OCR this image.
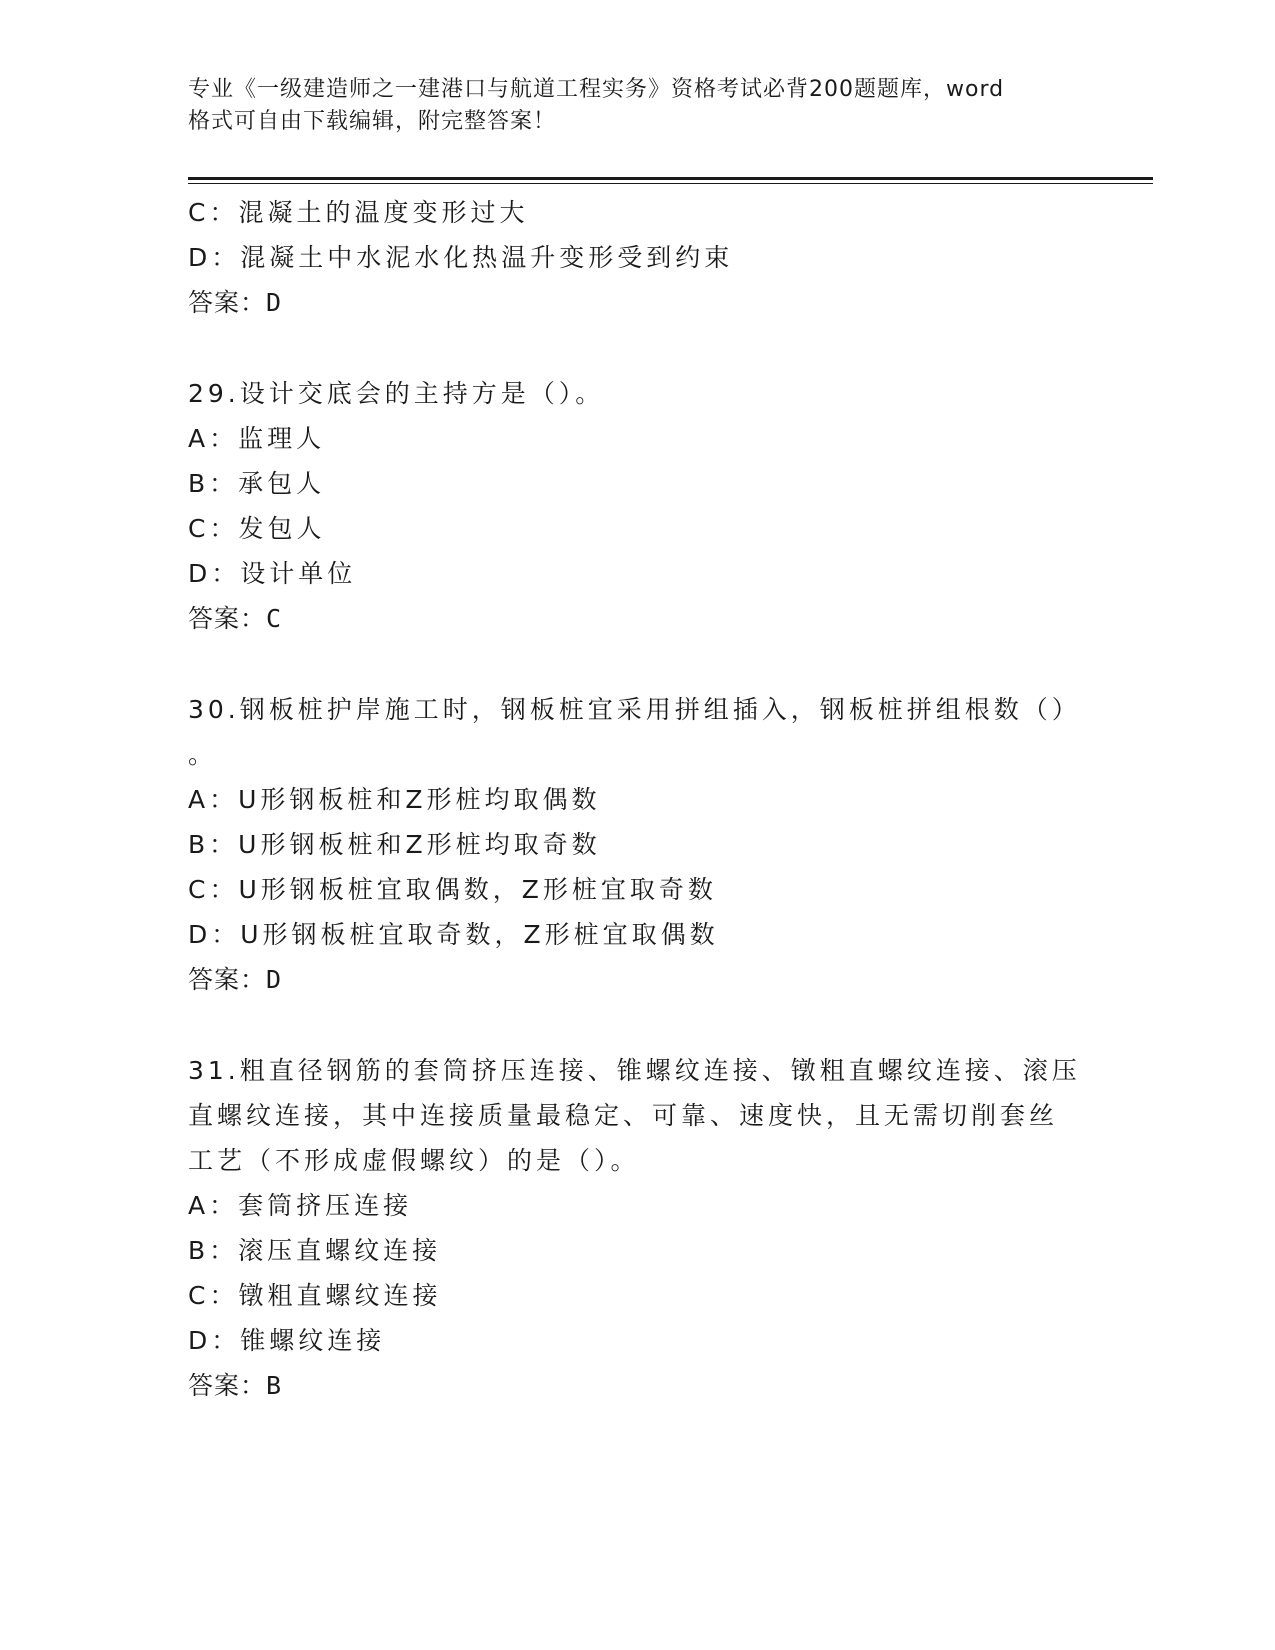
专业《一级建造师之一建港口与航道工程实务》资格考试必背200题题库，word
格式可自由下载编辑，附完整答案！
C：混凝土的温度变形过大
D：混凝土中水泥水化热温升变形受到约束
答案：D
29.设计交底会的主持方是（）。
A：监理人
B：承包人
C：发包人
D：设计单位
答案：C
30.钢板桩护岸施工时，钢板桩宜采用拼组插入，钢板桩拼组根数（）
。
A：U形钢板桩和Z形桩均取偶数
B：U形钢板桩和Z形桩均取奇数
C：U形钢板桩宜取偶数，Z形桩宜取奇数
D：U形钢板桩宜取奇数，Z形桩宜取偶数
答案：D
31.粗直径钢筋的套筒挤压连接、锥螺纹连接、镦粗直螺纹连接、滚压
直螺纹连接，其中连接质量最稳定、可靠、速度快，且无需切削套丝
工艺（不形成虚假螺纹）的是（）。
A：套筒挤压连接
B：滚压直螺纹连接
C：镦粗直螺纹连接
D：锥螺纹连接
答案：B
